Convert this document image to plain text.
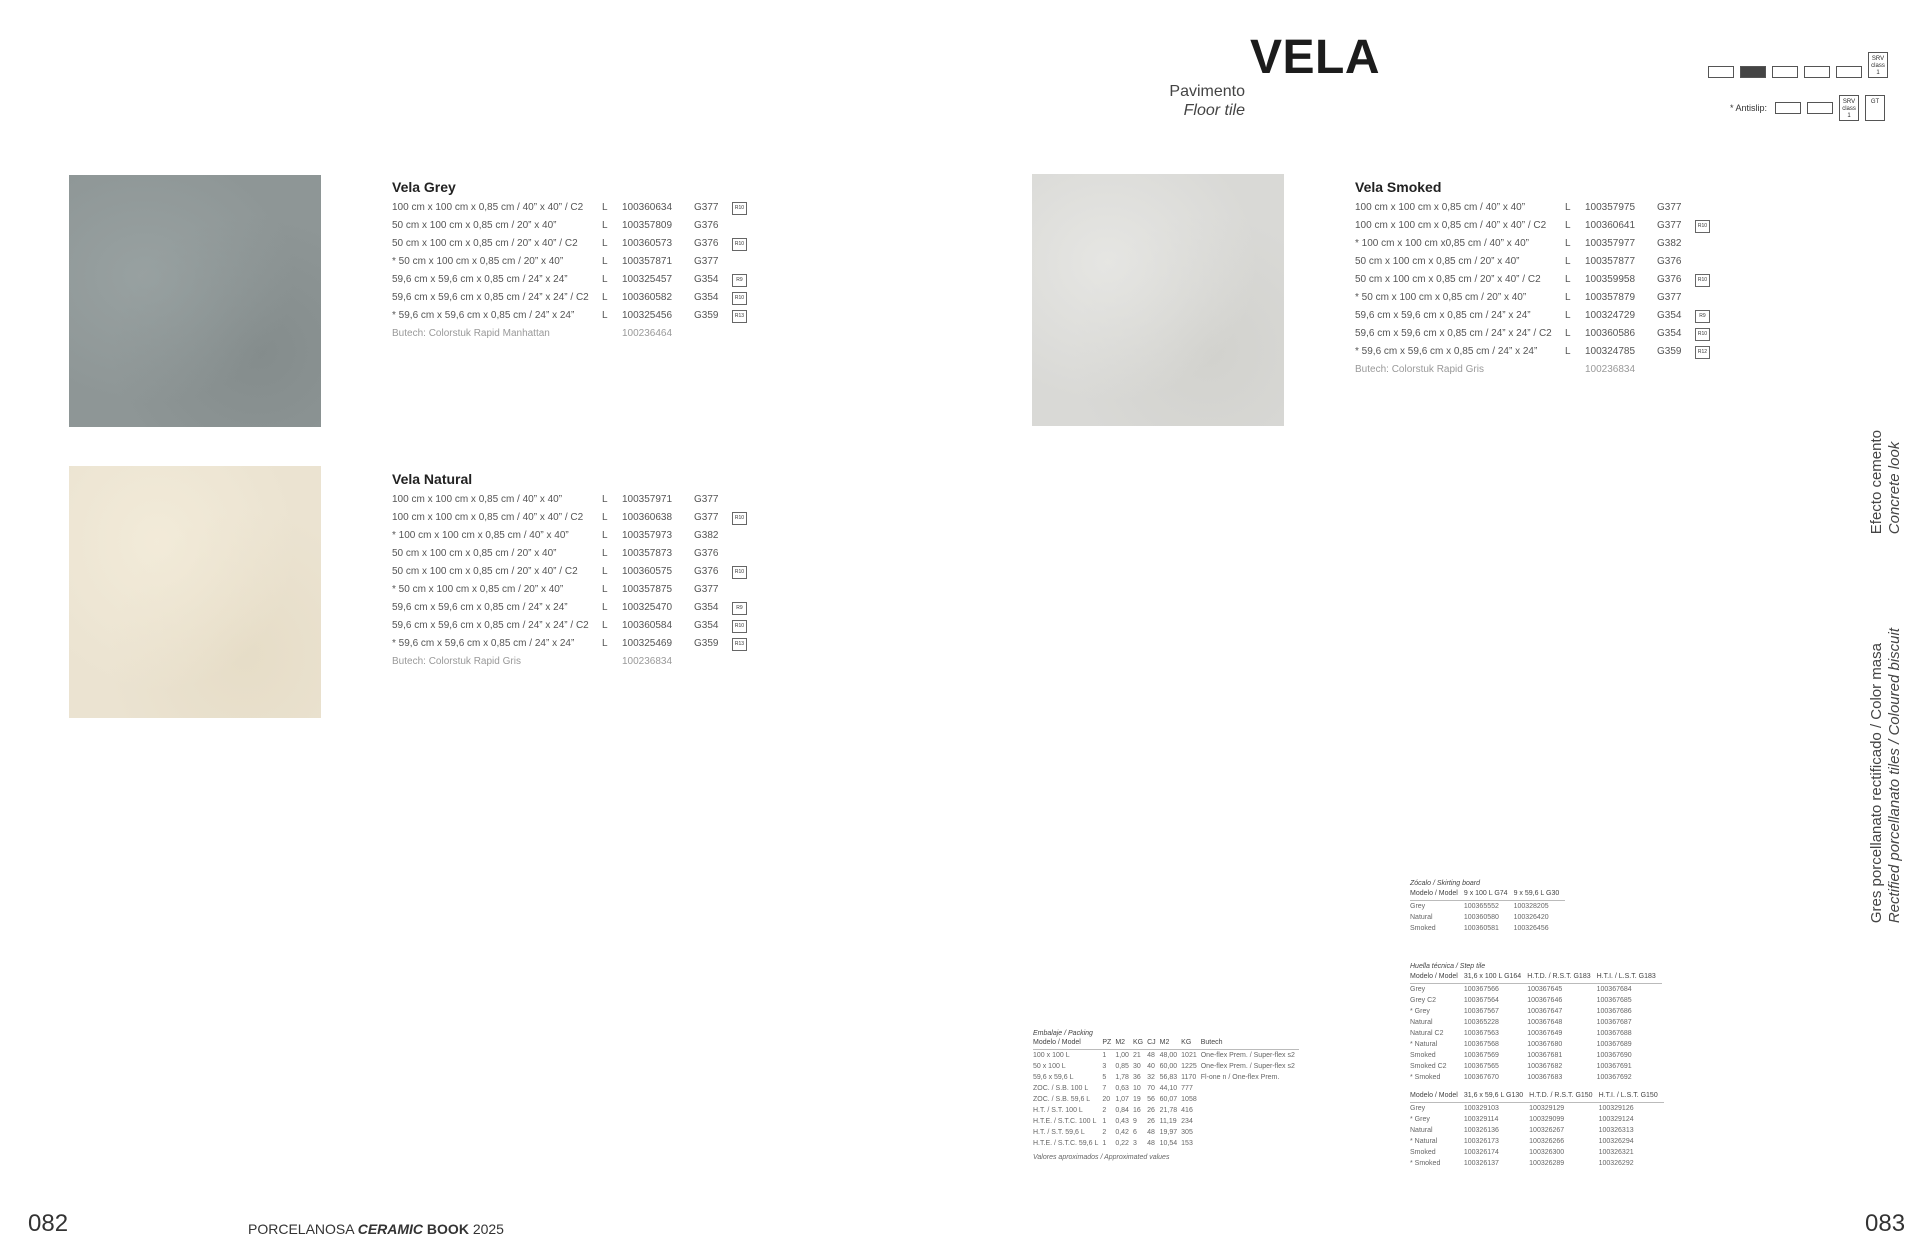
VELA
Pavimento
Floor tile
SRV class 1
* Antislip:
SRV class 1
GT
Vela Grey
100 cm x 100 cm x 0,85 cm / 40” x 40” / C2 L 100360634 G377	R10
50 cm x 100 cm x 0,85 cm / 20” x 40”	L 100357809 G376
50 cm x 100 cm x 0,85 cm / 20” x 40” / C2 L 100360573 G376	R10
* 50 cm x 100 cm x 0,85 cm / 20” x 40”	L 100357871 G377
59,6 cm x 59,6 cm x 0,85 cm / 24” x 24”	L 100325457 G354	R9
59,6 cm x 59,6 cm x 0,85 cm / 24” x 24” / C2 L 100360582 G354	R10
* 59,6 cm x 59,6 cm x 0,85 cm / 24” x 24”	L 100325456 G359	R13
Butech: Colorstuk Rapid Manhattan	100236464
Vela Natural
100 cm x 100 cm x 0,85 cm / 40” x 40”	L 100357971 G377
100 cm x 100 cm x 0,85 cm / 40” x 40” / C2 L 100360638 G377	R10
* 100 cm x 100 cm x 0,85 cm / 40” x 40”	L 100357973 G382
50 cm x 100 cm x 0,85 cm / 20” x 40”	L 100357873 G376
50 cm x 100 cm x 0,85 cm / 20” x 40” / C2 L 100360575 G376	R10
* 50 cm x 100 cm x 0,85 cm / 20” x 40”	L 100357875 G377
59,6 cm x 59,6 cm x 0,85 cm / 24” x 24”	L 100325470 G354	R9
59,6 cm x 59,6 cm x 0,85 cm / 24” x 24” / C2 L 100360584 G354	R10
* 59,6 cm x 59,6 cm x 0,85 cm / 24” x 24”	L 100325469 G359	R13
Butech: Colorstuk Rapid Gris	100236834
Vela Smoked
100 cm x 100 cm x 0,85 cm / 40” x 40”	L 100357975 G377
100 cm x 100 cm x 0,85 cm / 40” x 40” / C2 L 100360641 G377	R10
* 100 cm x 100 cm x0,85 cm / 40” x 40”	L 100357977 G382
50 cm x 100 cm x 0,85 cm / 20” x 40”	L 100357877 G376
50 cm x 100 cm x 0,85 cm / 20” x 40” / C2 L 100359958 G376	R10
* 50 cm x 100 cm x 0,85 cm / 20” x 40”	L 100357879 G377
59,6 cm x 59,6 cm x 0,85 cm / 24” x 24”	L 100324729 G354	R9
59,6 cm x 59,6 cm x 0,85 cm / 24” x 24” / C2 L 100360586 G354	R10
* 59,6 cm x 59,6 cm x 0,85 cm / 24” x 24”	L 100324785 G359	R12
Butech: Colorstuk Rapid Gris	100236834
Efecto cemento Concrete look
Gres porcellanato rectificado / Color masa Rectified porcellanato tiles / Coloured biscuit
Zócalo / Skirting board
Modelo / Model	9 x 100 L G74	9 x 59,6 L G30
Grey	100365552	100328205
Natural	100360580	100326420
Smoked	100360581	100326456
Huella técnica / Step tile
Modelo / Model	31,6 x 100 L G164	H.T.D. / R.S.T. G183	H.T.I. / L.S.T. G183
Grey	100367566	100367645	100367684
Grey C2	100367564	100367646	100367685
* Grey	100367567	100367647	100367686
Natural	100365228	100367648	100367687
Natural C2	100367563	100367649	100367688
* Natural	100367568	100367680	100367689
Smoked	100367569	100367681	100367690
Smoked C2	100367565	100367682	100367691
* Smoked	100367670	100367683	100367692
Modelo / Model	31,6 x 59,6 L G130	H.T.D. / R.S.T. G150	H.T.I. / L.S.T. G150
Grey	100329103	100329129	100329126
* Grey	100329114	100329099	100329124
Natural	100326136	100326267	100326313
* Natural	100326173	100326266	100326294
Smoked	100326174	100326300	100326321
* Smoked	100326137	100326289	100326292
Embalaje / Packing
Modelo / Model	PZ	M2	KG	CJ	M2	KG	Butech
100 x 100 L	1	1,00	21	48	48,00	1021	One-flex Prem. / Super-flex s2
50 x 100 L	3	0,85	30	40	60,00	1225	One-flex Prem. / Super-flex s2
59,6 x 59,6 L	5	1,78	36	32	56,83	1170	Fl-one n / One-flex Prem.
ZOC. / S.B. 100 L	7	0,63	10	70	44,10	777	
ZOC. / S.B. 59,6 L	20	1,07	19	56	60,07	1058	
H.T. / S.T. 100 L	2	0,84	16	26	21,78	416	
H.T.E. / S.T.C. 100 L	1	0,43	9	26	11,19	234	
H.T. / S.T. 59,6 L	2	0,42	6	48	19,97	305	
H.T.E. / S.T.C. 59,6 L	1	0,22	3	48	10,54	153	
Valores aproximados / Approximated values
082	PORCELANOSA CERAMIC BOOK 2025	083
